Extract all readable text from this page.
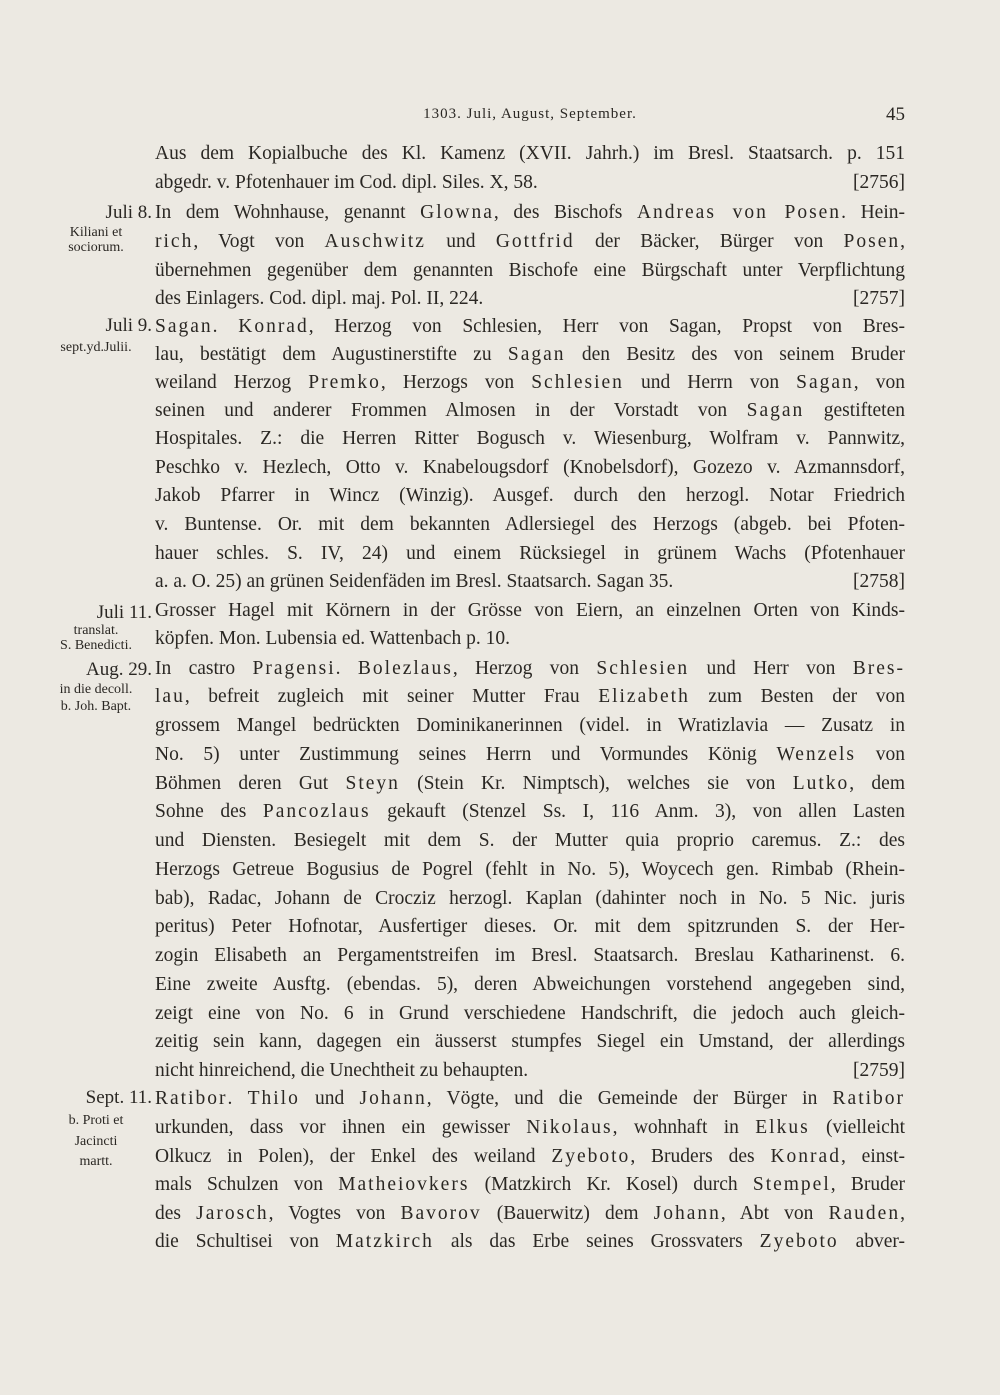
1303. Juli, August, September.	45
Juli 8.
Kiliani et
sociorum.
Juli 9.
sept.yd.Julii.
Juli 11.
translat.
S. Benedicti.
Aug. 29.
in die decoll.
b. Joh. Bapt.
Sept. 11.
b. Proti et
Jacincti
martt.
Aus dem Kopialbuche des Kl. Kamenz (XVII. Jahrh.) im Bresl. Staatsarch. p. 151
[2756]
abgedr. v. Pfotenhauer im Cod. dipl. Siles. X, 58.
In dem Wohnhause, genannt Glowna, des Bischofs Andreas von Posen. Hein-
rich, Vogt von Auschwitz und Gottfrid der Bäcker, Bürger von Posen,
übernehmen gegenüber dem genannten Bischofe eine Bürgschaft unter Verpflichtung
[2757]
des Einlagers. Cod. dipl. maj. Pol. II, 224.
Sagan. Konrad, Herzog von Schlesien, Herr von Sagan, Propst von Bres-
lau, bestätigt dem Augustinerstifte zu Sagan den Besitz des von seinem Bruder
weiland Herzog Premko, Herzogs von Schlesien und Herrn von Sagan, von
seinen und anderer Frommen Almosen in der Vorstadt von Sagan gestifteten
Hospitales. Z.: die Herren Ritter Bogusch v. Wiesenburg, Wolfram v. Pannwitz,
Peschko v. Hezlech, Otto v. Knabelougsdorf (Knobelsdorf), Gozezo v. Azmannsdorf,
Jakob Pfarrer in Wincz (Winzig). Ausgef. durch den herzogl. Notar Friedrich
v. Buntense. Or. mit dem bekannten Adlersiegel des Herzogs (abgeb. bei Pfoten-
hauer schles. S. IV, 24) und einem Rücksiegel in grünem Wachs (Pfotenhauer
[2758]
a. a. O. 25) an grünen Seidenfäden im Bresl. Staatsarch. Sagan 35.
Grosser Hagel mit Körnern in der Grösse von Eiern, an einzelnen Orten von Kinds-
köpfen. Mon. Lubensia ed. Wattenbach p. 10.
In castro Pragensi. Bolezlaus, Herzog von Schlesien und Herr von Bres-
lau, befreit zugleich mit seiner Mutter Frau Elizabeth zum Besten der von
grossem Mangel bedrückten Dominikanerinnen (videl. in Wratizlavia — Zusatz in
No. 5) unter Zustimmung seines Herrn und Vormundes König Wenzels von
Böhmen deren Gut Steyn (Stein Kr. Nimptsch), welches sie von Lutko, dem
Sohne des Pancozlaus gekauft (Stenzel Ss. I, 116 Anm. 3), von allen Lasten
und Diensten. Besiegelt mit dem S. der Mutter quia proprio caremus. Z.: des
Herzogs Getreue Bogusius de Pogrel (fehlt in No. 5), Woycech gen. Rimbab (Rhein-
bab), Radac, Johann de Crocziz herzogl. Kaplan (dahinter noch in No. 5 Nic. juris
peritus) Peter Hofnotar, Ausfertiger dieses. Or. mit dem spitzrunden S. der Her-
zogin Elisabeth an Pergamentstreifen im Bresl. Staatsarch. Breslau Katharinenst. 6.
Eine zweite Ausftg. (ebendas. 5), deren Abweichungen vorstehend angegeben sind,
zeigt eine von No. 6 in Grund verschiedene Handschrift, die jedoch auch gleich-
zeitig sein kann, dagegen ein äusserst stumpfes Siegel ein Umstand, der allerdings
[2759]
nicht hinreichend, die Unechtheit zu behaupten.
Ratibor. Thilo und Johann, Vögte, und die Gemeinde der Bürger in Ratibor
urkunden, dass vor ihnen ein gewisser Nikolaus, wohnhaft in Elkus (vielleicht
Olkucz in Polen), der Enkel des weiland Zyeboto, Bruders des Konrad, einst-
mals Schulzen von Matheiovkers (Matzkirch Kr. Kosel) durch Stempel, Bruder
des Jarosch, Vogtes von Bavorov (Bauerwitz) dem Johann, Abt von Rauden,
die Schultisei von Matzkirch als das Erbe seines Grossvaters Zyeboto abver-
